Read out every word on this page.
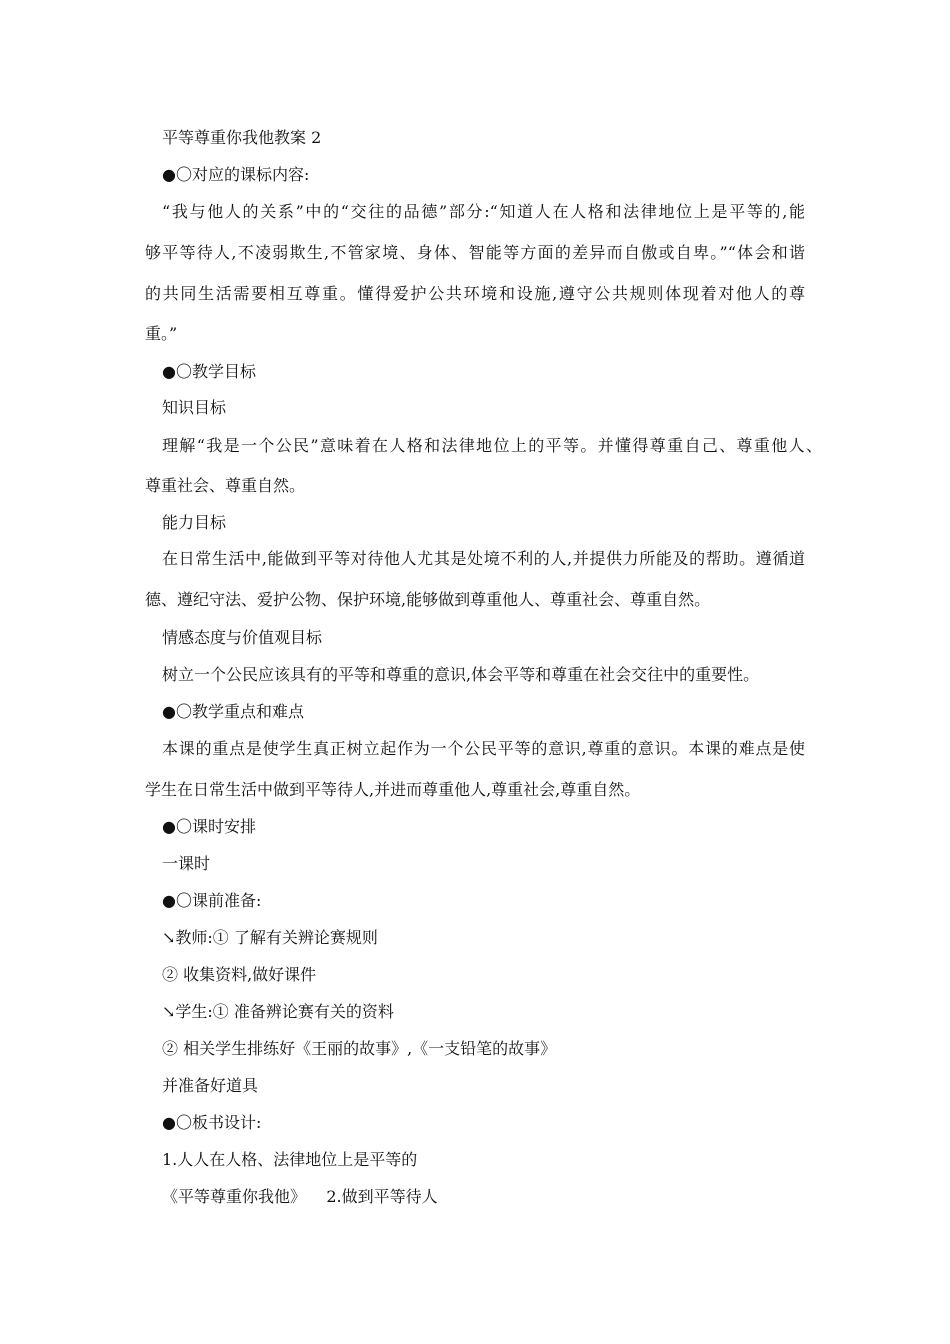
平等尊重你我他教案 2
●〇对应的课标内容:
“我与他人的关系”中的“交往的品德”部分:“知道人在人格和法律地位上是平等的,能
够平等待人,不凌弱欺生,不管家境、身体、智能等方面的差异而自傲或自卑。”“体会和谐
的共同生活需要相互尊重。懂得爱护公共环境和设施,遵守公共规则体现着对他人的尊
重。”
●〇教学目标
知识目标
理解“我是一个公民”意味着在人格和法律地位上的平等。并懂得尊重自己、尊重他人、
尊重社会、尊重自然。
能力目标
在日常生活中,能做到平等对待他人尤其是处境不利的人,并提供力所能及的帮助。遵循道
德、遵纪守法、爱护公物、保护环境,能够做到尊重他人、尊重社会、尊重自然。
情感态度与价值观目标
树立一个公民应该具有的平等和尊重的意识,体会平等和尊重在社会交往中的重要性。
●〇教学重点和难点
本课的重点是使学生真正树立起作为一个公民平等的意识,尊重的意识。本课的难点是使
学生在日常生活中做到平等待人,并进而尊重他人,尊重社会,尊重自然。
●〇课时安排
一课时
●〇课前准备:
↘教师:① 了解有关辨论赛规则
② 收集资料,做好课件
↘学生:① 准备辨论赛有关的资料
② 相关学生排练好《王丽的故事》,《一支铅笔的故事》
并准备好道具
●〇板书设计:
1.人人在人格、法律地位上是平等的
《平等尊重你我他》    2.做到平等待人
